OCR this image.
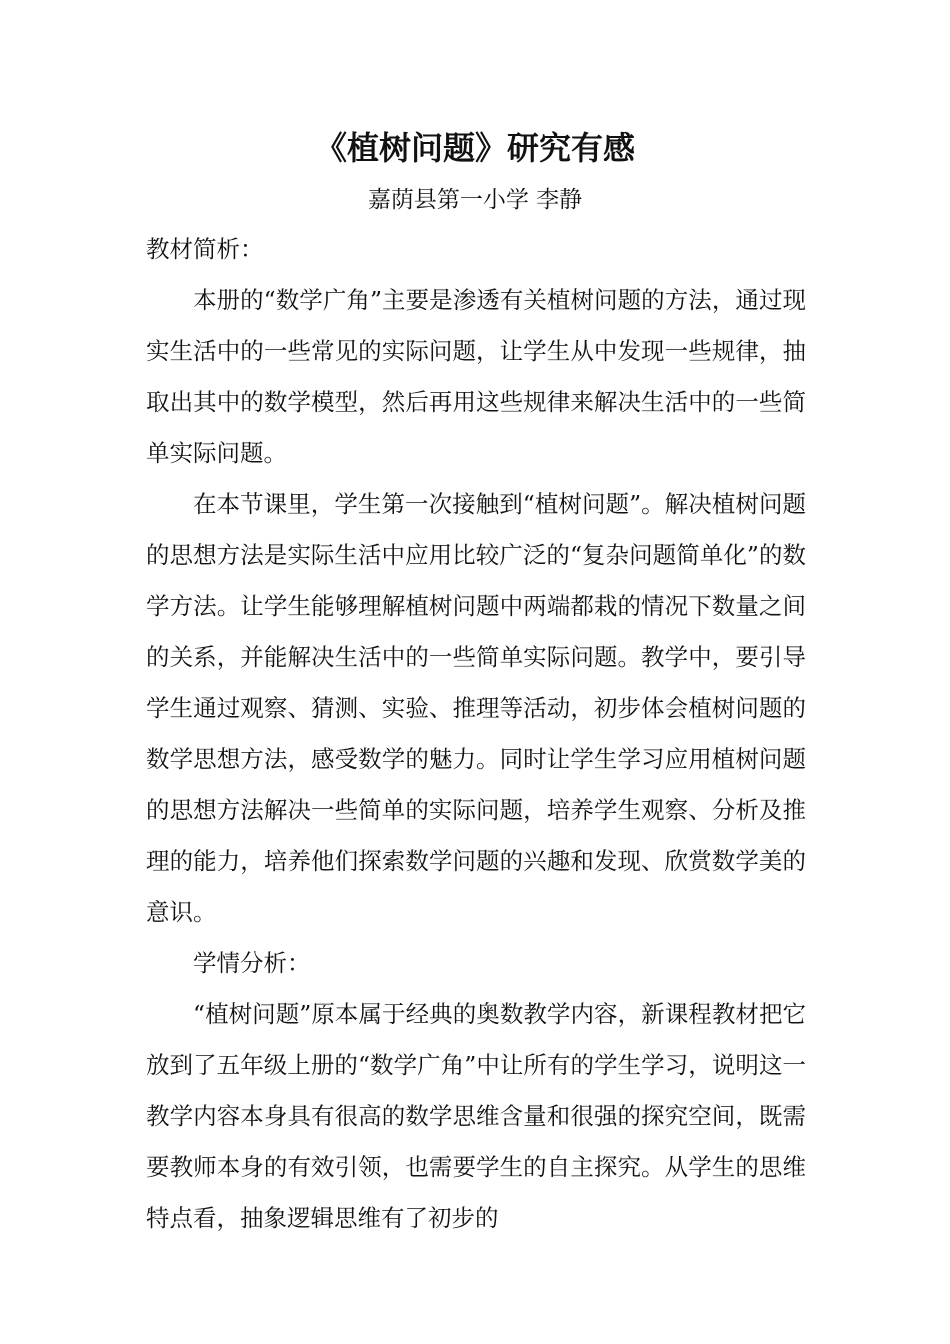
《植树问题》研究有感
嘉荫县第一小学 李静

教材简析：

本册的“数学广角”主要是渗透有关植树问题的方法，通过现实生活中的一些常见的实际问题，让学生从中发现一些规律，抽取出其中的数学模型，然后再用这些规律来解决生活中的一些简单实际问题。

在本节课里，学生第一次接触到“植树问题”。解决植树问题的思想方法是实际生活中应用比较广泛的“复杂问题简单化”的数学方法。让学生能够理解植树问题中两端都栽的情况下数量之间的关系，并能解决生活中的一些简单实际问题。教学中，要引导学生通过观察、猜测、实验、推理等活动，初步体会植树问题的数学思想方法，感受数学的魅力。同时让学生学习应用植树问题的思想方法解决一些简单的实际问题，培养学生观察、分析及推理的能力，培养他们探索数学问题的兴趣和发现、欣赏数学美的意识。

学情分析：

“植树问题”原本属于经典的奥数教学内容，新课程教材把它放到了五年级上册的“数学广角”中让所有的学生学习，说明这一教学内容本身具有很高的数学思维含量和很强的探究空间，既需要教师本身的有效引领，也需要学生的自主探究。从学生的思维特点看，抽象逻辑思维有了初步的
